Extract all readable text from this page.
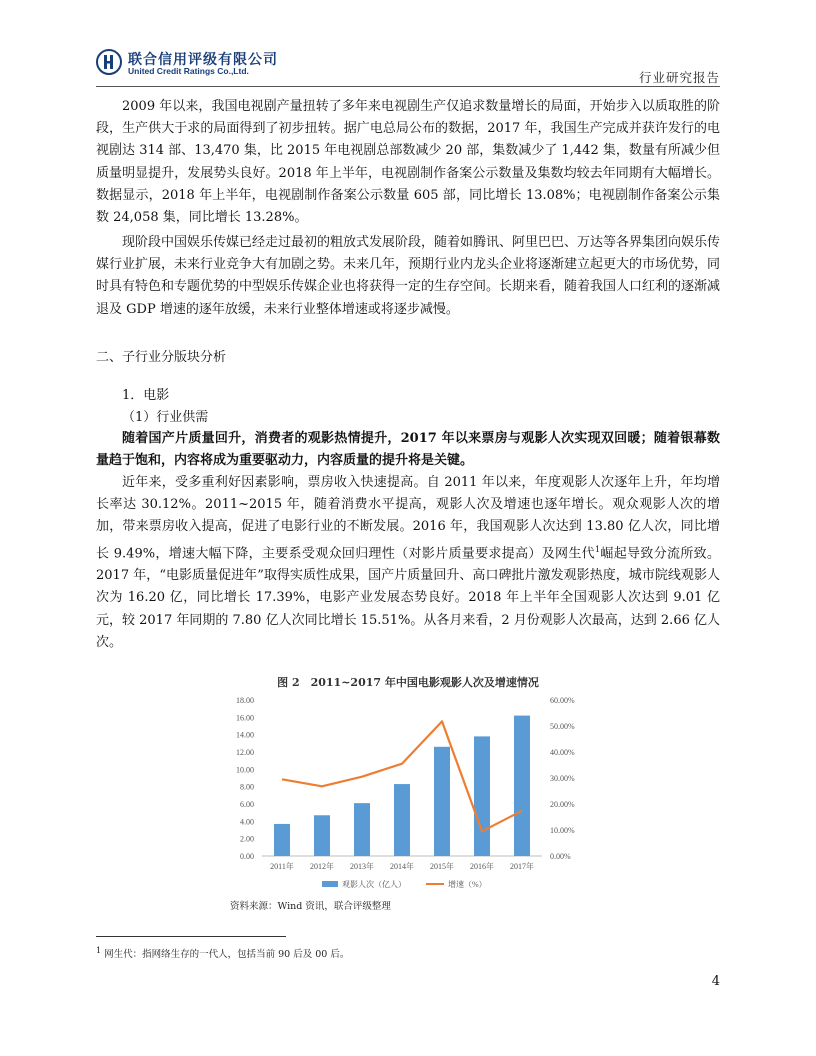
联合信用评级有限公司
United Credit Ratings Co.,Ltd.	行业研究报告

2009 年以来，我国电视剧产量扭转了多年来电视剧生产仅追求数量增长的局面，开始步入以质取胜的阶段，生产供大于求的局面得到了初步扭转。据广电总局公布的数据，2017 年，我国生产完成并获许发行的电视剧达 314 部、13,470 集，比 2015 年电视剧总部数减少 20 部，集数减少了 1,442 集，数量有所减少但质量明显提升，发展势头良好。2018 年上半年，电视剧制作备案公示数量及集数均较去年同期有大幅增长。数据显示，2018 年上半年，电视剧制作备案公示数量 605 部，同比增长 13.08%；电视剧制作备案公示集数 24,058 集，同比增长 13.28%。

现阶段中国娱乐传媒已经走过最初的粗放式发展阶段，随着如腾讯、阿里巴巴、万达等各界集团向娱乐传媒行业扩展，未来行业竞争大有加剧之势。未来几年，预期行业内龙头企业将逐渐建立起更大的市场优势，同时具有特色和专题优势的中型娱乐传媒企业也将获得一定的生存空间。长期来看，随着我国人口红利的逐渐减退及 GDP 增速的逐年放缓，未来行业整体增速或将逐步减慢。

二、子行业分版块分析

1．电影

（1）行业供需

随着国产片质量回升，消费者的观影热情提升，2017 年以来票房与观影人次实现双回暖；随着银幕数量趋于饱和，内容将成为重要驱动力，内容质量的提升将是关键。

近年来，受多重利好因素影响，票房收入快速提高。自 2011 年以来，年度观影人次逐年上升，年均增长率达 30.12%。2011~2015 年，随着消费水平提高，观影人次及增速也逐年增长。观众观影人次的增加，带来票房收入提高，促进了电影行业的不断发展。2016 年，我国观影人次达到 13.80 亿人次，同比增长 9.49%，增速大幅下降，主要系受观众回归理性（对影片质量要求提高）及网生代$^1$崛起导致分流所致。2017 年，“电影质量促进年”取得实质性成果，国产片质量回升、高口碑批片激发观影热度，城市院线观影人次为 16.20 亿，同比增长 17.39%，电影产业发展态势良好。2018 年上半年全国观影人次达到 9.01 亿元，较 2017 年同期的 7.80 亿人次同比增长 15.51%。从各月来看，2 月份观影人次最高，达到 2.66 亿人次。

图 2　2011~2017 年中国电影观影人次及增速情况
0.00
2.00
4.00
6.00
8.00
10.00
12.00
14.00
16.00
18.00
0.00%
10.00%
20.00%
30.00%
40.00%
50.00%
60.00%
2011年 2012年 2013年 2014年 2015年 2016年 2017年
观影人次（亿人）	增速（%）
资料来源：Wind 资讯，联合评级整理
$^1$ 网生代：指网络生存的一代人，包括当前 90 后及 00 后。
4
